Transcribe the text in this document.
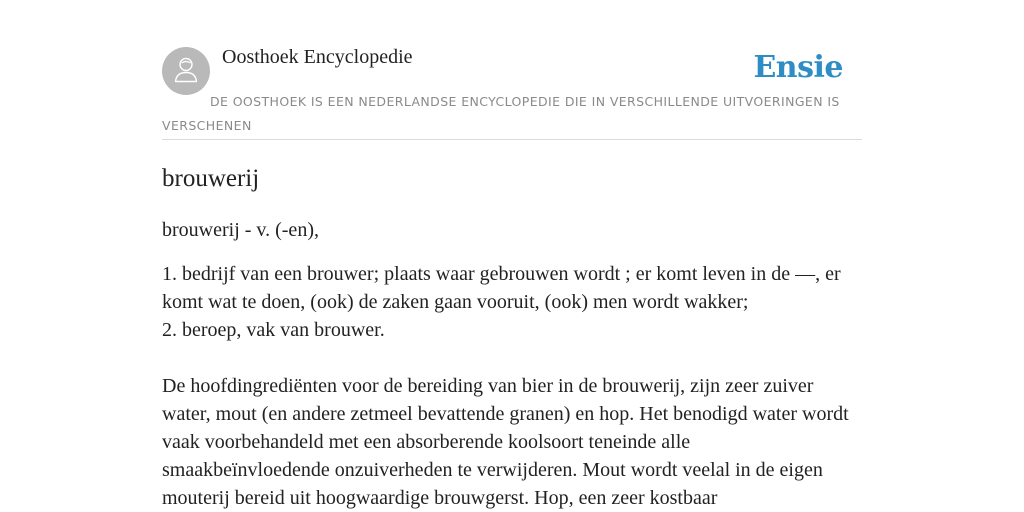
Oosthoek Encyclopedie	Ensie
DE OOSTHOEK IS EEN NEDERLANDSE ENCYCLOPEDIE DIE IN VERSCHILLENDE UITVOERINGEN IS VERSCHENEN
brouwerij

brouwerij - v. (-en),

1. bedrijf van een brouwer; plaats waar gebrouwen wordt ; er komt leven in de —, er komt wat te doen, (ook) de zaken gaan vooruit, (ook) men wordt wakker;
2. beroep, vak van brouwer.

De hoofdingrediënten voor de bereiding van bier in de brouwerij, zijn zeer zuiver water, mout (en andere zetmeel bevattende granen) en hop. Het benodigd water wordt vaak voorbehandeld met een absorberende koolsoort teneinde alle smaakbeïnvloedende onzuiverheden te verwijderen. Mout wordt veelal in de eigen mouterij bereid uit hoogwaardige brouwgerst. Hop, een zeer kostbaar
